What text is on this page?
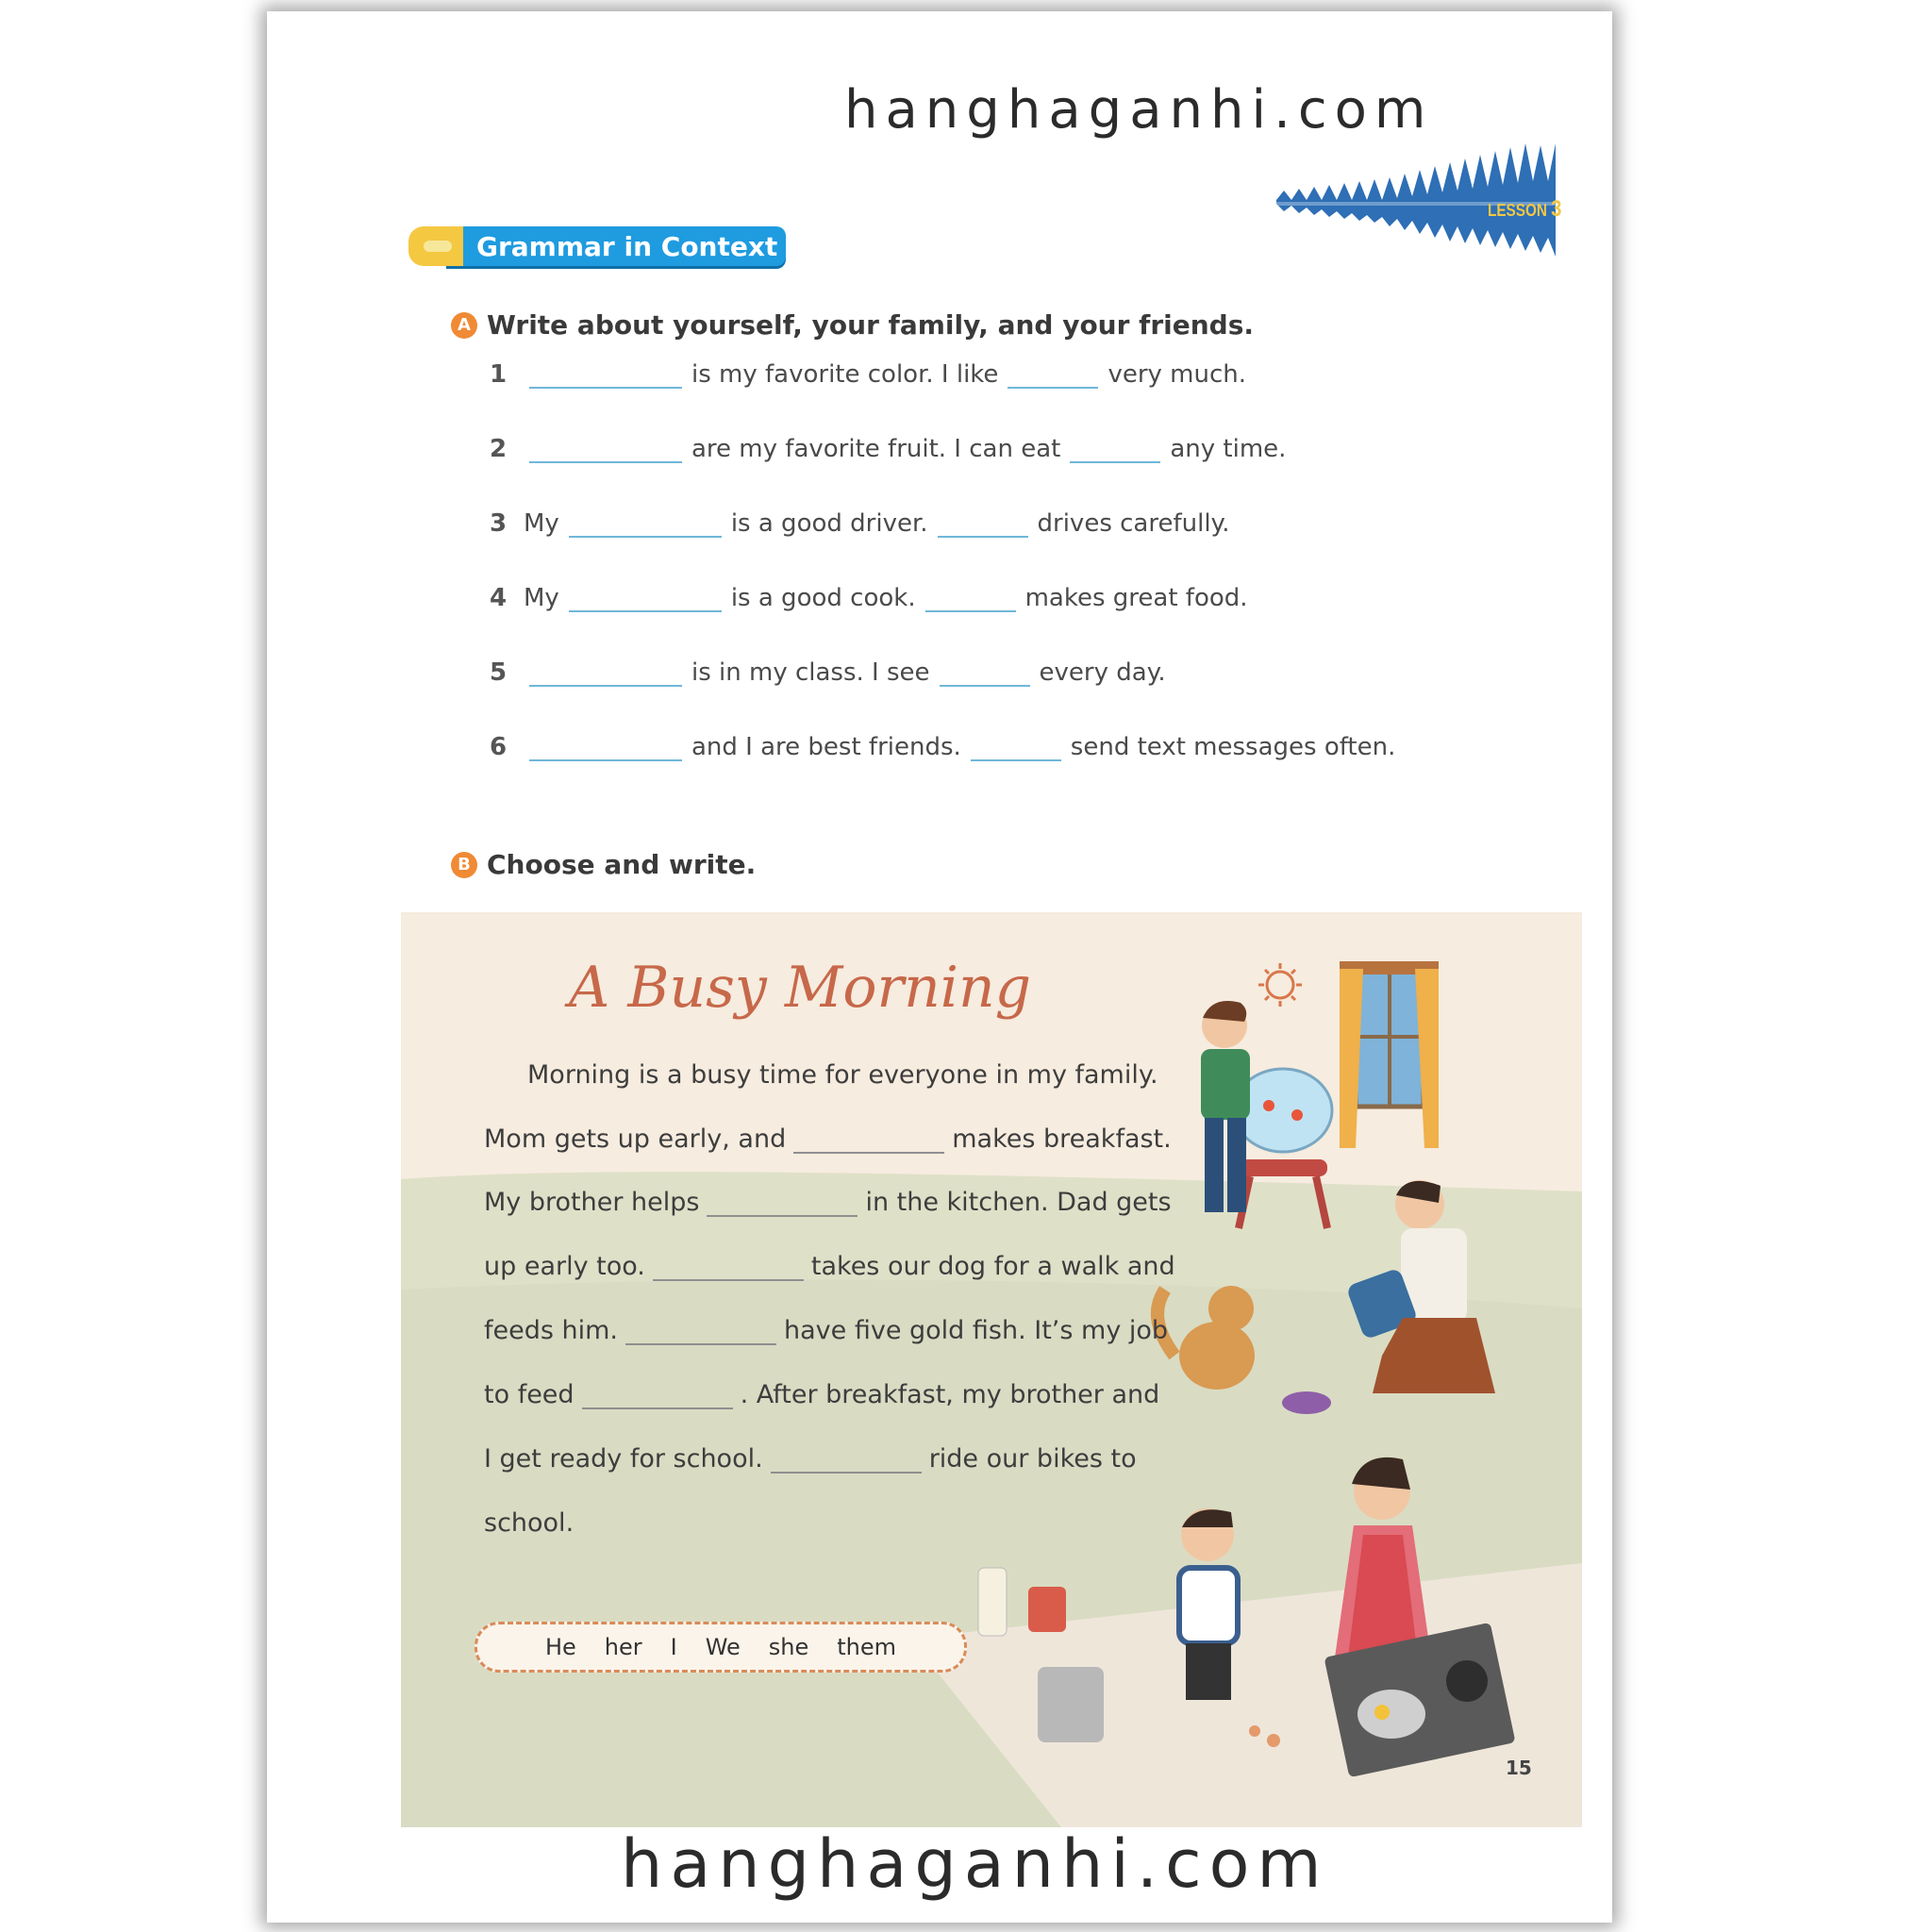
hanghaganhi.com
LESSON 3
Grammar in Context
A Write about yourself, your family, and your friends.
1	is my favorite color. I like	very much.
2	are my favorite fruit. I can eat	any time.
3 My	is a good driver.	drives carefully.
4 My	is a good cook.	makes great food.
5	is in my class. I see	every day.
6	and I are best friends.	send text messages often.
B Choose and write.
A Busy Morning
Morning is a busy time for everyone in my family.
Mom gets up early, and	makes breakfast.
My brother helps	in the kitchen. Dad gets
up early too.	takes our dog for a walk and
feeds him.	have five gold fish. It’s my job
to feed	. After breakfast, my brother and
I get ready for school.	ride our bikes to
school.
He her I We she them
15
hanghaganhi.com
